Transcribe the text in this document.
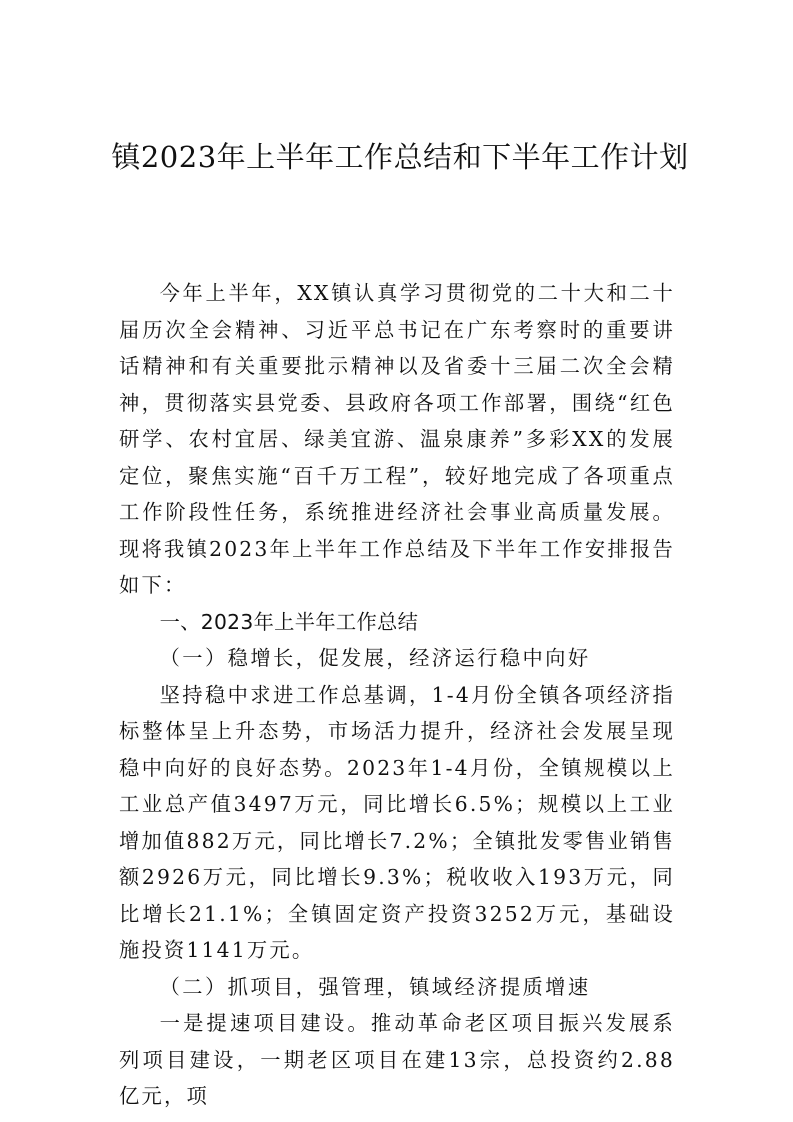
镇2023年上半年工作总结和下半年工作计划

今年上半年，XX镇认真学习贯彻党的二十大和二十届历次全会精神、习近平总书记在广东考察时的重要讲话精神和有关重要批示精神以及省委十三届二次全会精神，贯彻落实县党委、县政府各项工作部署，围绕“红色研学、农村宜居、绿美宜游、温泉康养”多彩XX的发展定位，聚焦实施“百千万工程”，较好地完成了各项重点工作阶段性任务，系统推进经济社会事业高质量发展。现将我镇2023年上半年工作总结及下半年工作安排报告如下：

一、2023年上半年工作总结

（一）稳增长，促发展，经济运行稳中向好

坚持稳中求进工作总基调，1-4月份全镇各项经济指标整体呈上升态势，市场活力提升，经济社会发展呈现稳中向好的良好态势。2023年1-4月份，全镇规模以上工业总产值3497万元，同比增长6.5%；规模以上工业增加值882万元，同比增长7.2%；全镇批发零售业销售额2926万元，同比增长9.3%；税收收入193万元，同比增长21.1%；全镇固定资产投资3252万元，基础设施投资1141万元。

（二）抓项目，强管理，镇域经济提质增速

一是提速项目建设。推动革命老区项目振兴发展系列项目建设，一期老区项目在建13宗，总投资约2.88亿元，项
